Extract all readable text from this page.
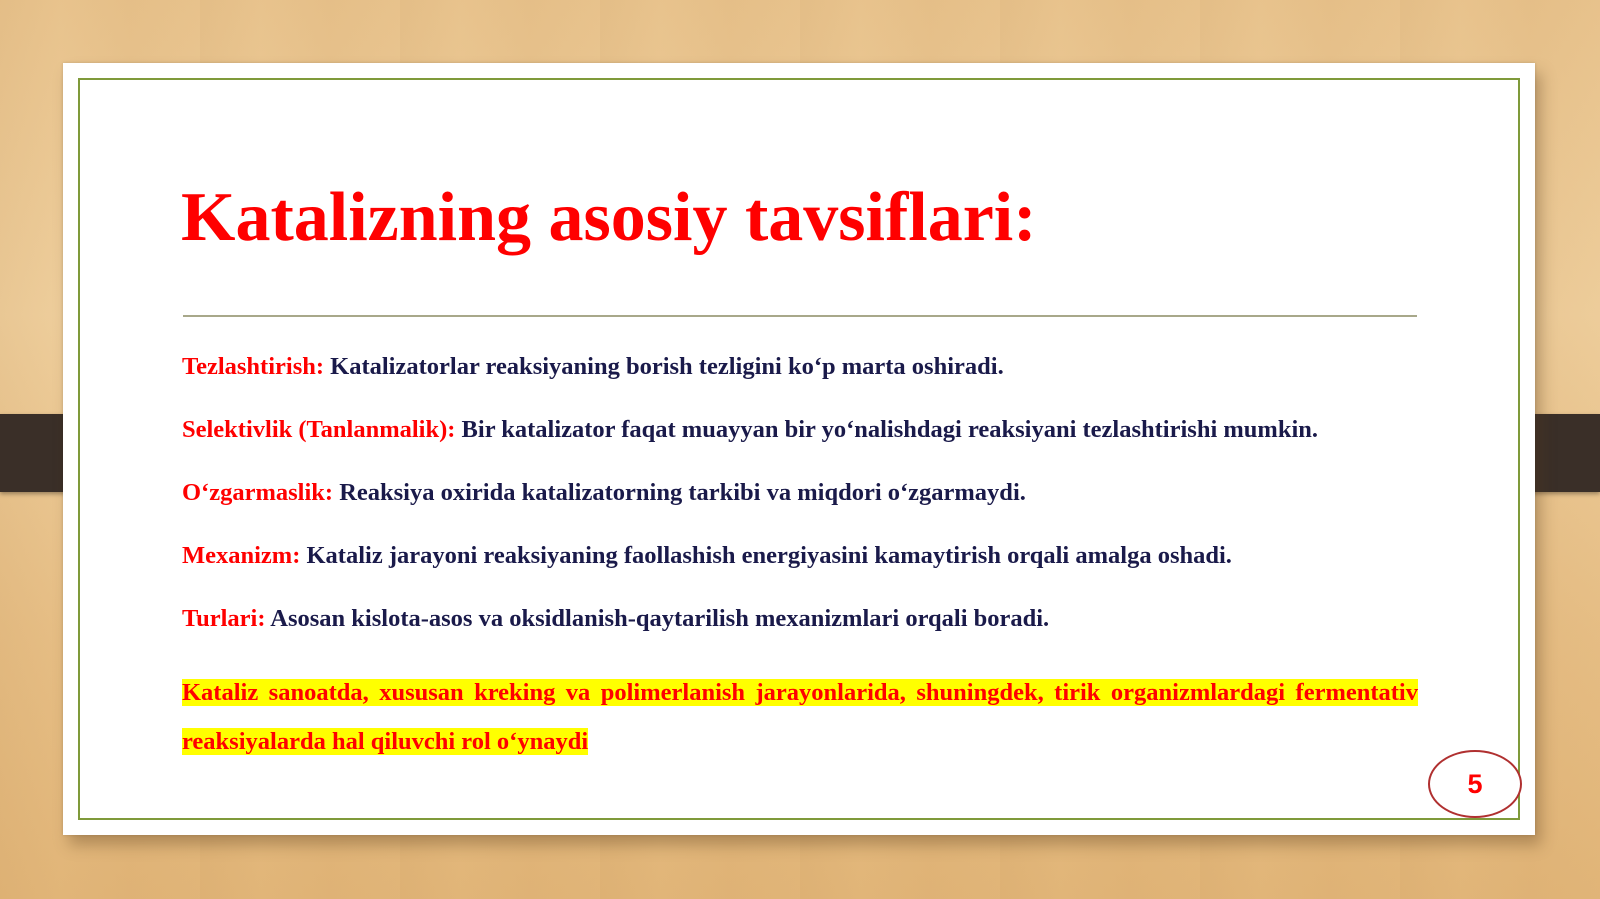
Katalizning asosiy tavsiflari:

Tezlashtirish: Katalizatorlar reaksiyaning borish tezligini ko‘p marta oshiradi.

Selektivlik (Tanlanmalik): Bir katalizator faqat muayyan bir yo‘nalishdagi reaksiyani tezlashtirishi mumkin.

O‘zgarmaslik: Reaksiya oxirida katalizatorning tarkibi va miqdori o‘zgarmaydi.

Mexanizm: Kataliz jarayoni reaksiyaning faollashish energiyasini kamaytirish orqali amalga oshadi.

Turlari: Asosan kislota-asos va oksidlanish-qaytarilish mexanizmlari orqali boradi.

Kataliz sanoatda, xususan kreking va polimerlanish jarayonlarida, shuningdek, tirik organizmlardagi fermentativ reaksiyalarda hal qiluvchi rol o‘ynaydi

5
